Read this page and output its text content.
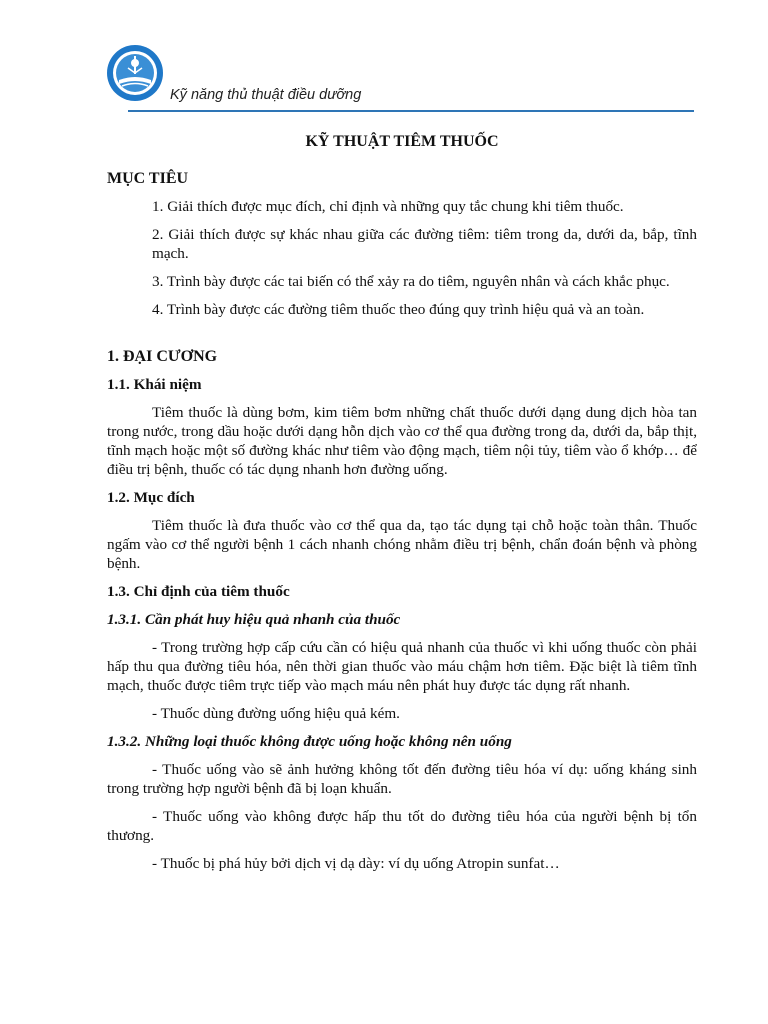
Kỹ năng thủ thuật điều dưỡng
KỸ THUẬT TIÊM THUỐC
MỤC TIÊU
1. Giải thích được mục đích, chỉ định và những quy tắc chung khi tiêm thuốc.
2. Giải thích được sự khác nhau giữa các đường tiêm: tiêm trong da, dưới da, bắp, tĩnh mạch.
3. Trình bày được các tai biến có thể xảy ra do tiêm, nguyên nhân và cách khắc phục.
4. Trình bày được các đường tiêm thuốc theo đúng quy trình hiệu quả và an toàn.
1. ĐẠI CƯƠNG
1.1. Khái niệm
Tiêm thuốc là dùng bơm, kim tiêm bơm những chất thuốc dưới dạng dung dịch hòa tan trong nước, trong dầu hoặc dưới dạng hỗn dịch vào cơ thể qua đường trong da, dưới da, bắp thịt, tĩnh mạch hoặc một số đường khác như tiêm vào động mạch, tiêm nội tủy, tiêm vào ổ khớp… để điều trị bệnh, thuốc có tác dụng nhanh hơn đường uống.
1.2. Mục đích
Tiêm thuốc là đưa thuốc vào cơ thể qua da, tạo tác dụng tại chỗ hoặc toàn thân. Thuốc ngấm vào cơ thể người bệnh 1 cách nhanh chóng nhằm điều trị bệnh, chẩn đoán bệnh và phòng bệnh.
1.3. Chỉ định của tiêm thuốc
1.3.1. Cần phát huy hiệu quả nhanh của thuốc
- Trong trường hợp cấp cứu cần có hiệu quả nhanh của thuốc vì khi uống thuốc còn phải hấp thu qua đường tiêu hóa, nên thời gian thuốc vào máu chậm hơn tiêm. Đặc biệt là tiêm tĩnh mạch, thuốc được tiêm trực tiếp vào mạch máu nên phát huy được tác dụng rất nhanh.
- Thuốc dùng đường uống hiệu quả kém.
1.3.2. Những loại thuốc không được uống hoặc không nên uống
- Thuốc uống vào sẽ ảnh hưởng không tốt đến đường tiêu hóa ví dụ: uống kháng sinh trong trường hợp người bệnh đã bị loạn khuẩn.
- Thuốc uống vào không được hấp thu tốt do đường tiêu hóa của người bệnh bị tổn thương.
- Thuốc bị phá hủy bởi dịch vị dạ dày: ví dụ uống Atropin sunfat…
